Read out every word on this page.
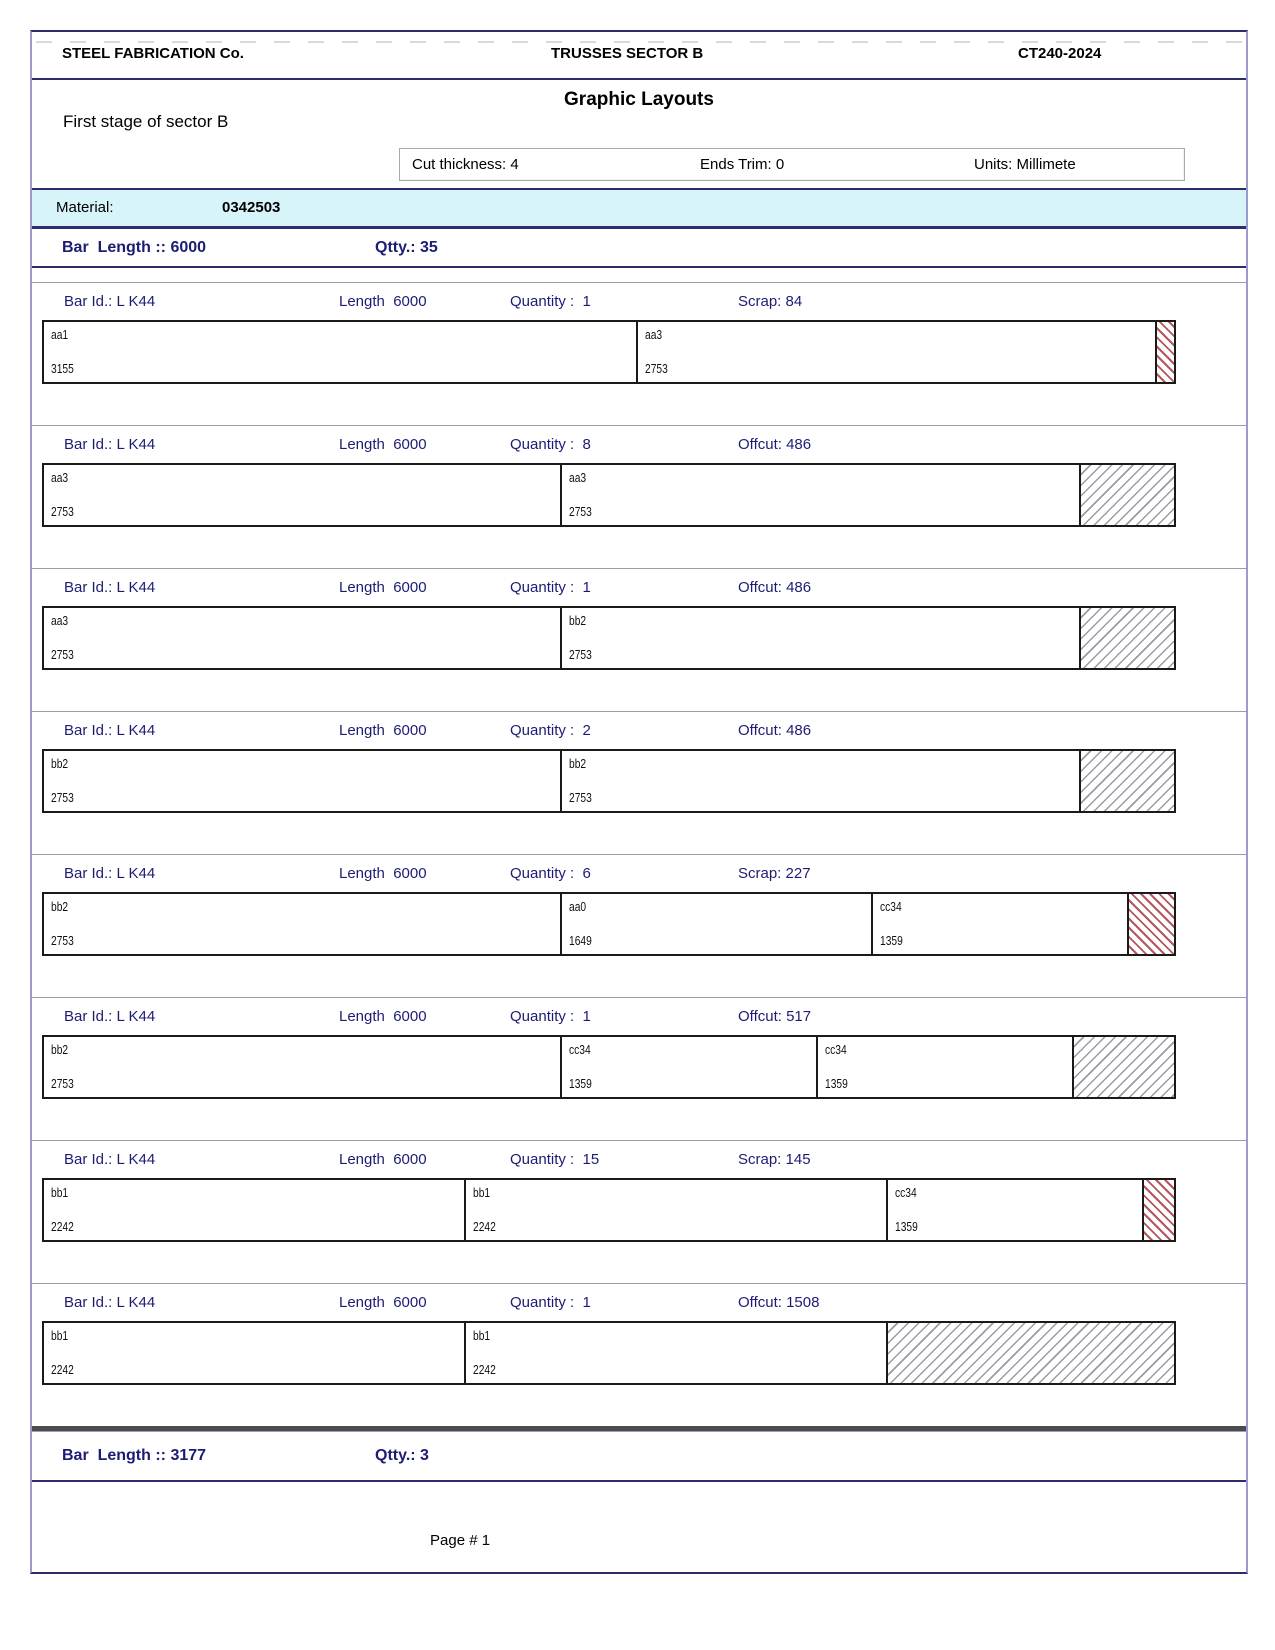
STEEL FABRICATION Co.	TRUSSES SECTOR B	CT240-2024
Graphic Layouts
First stage of sector B
Cut thickness: 4	Ends Trim: 0	Units: Millimete
Material:	0342503
Bar  Length :: 6000	Qtty.: 35
Bar Id.: L K44	Length  6000	Quantity :  1	Scrap: 84
aa1
3155
aa3
2753
Bar Id.: L K44	Length  6000	Quantity :  8	Offcut: 486
aa3
2753
aa3
2753
Bar Id.: L K44	Length  6000	Quantity :  1	Offcut: 486
aa3
2753
bb2
2753
Bar Id.: L K44	Length  6000	Quantity :  2	Offcut: 486
bb2
2753
bb2
2753
Bar Id.: L K44	Length  6000	Quantity :  6	Scrap: 227
bb2
2753
aa0
1649
cc34
1359
Bar Id.: L K44	Length  6000	Quantity :  1	Offcut: 517
bb2
2753
cc34
1359
cc34
1359
Bar Id.: L K44	Length  6000	Quantity :  15	Scrap: 145
bb1
2242
bb1
2242
cc34
1359
Bar Id.: L K44	Length  6000	Quantity :  1	Offcut: 1508
bb1
2242
bb1
2242
Bar  Length :: 3177	Qtty.: 3
Page # 1
